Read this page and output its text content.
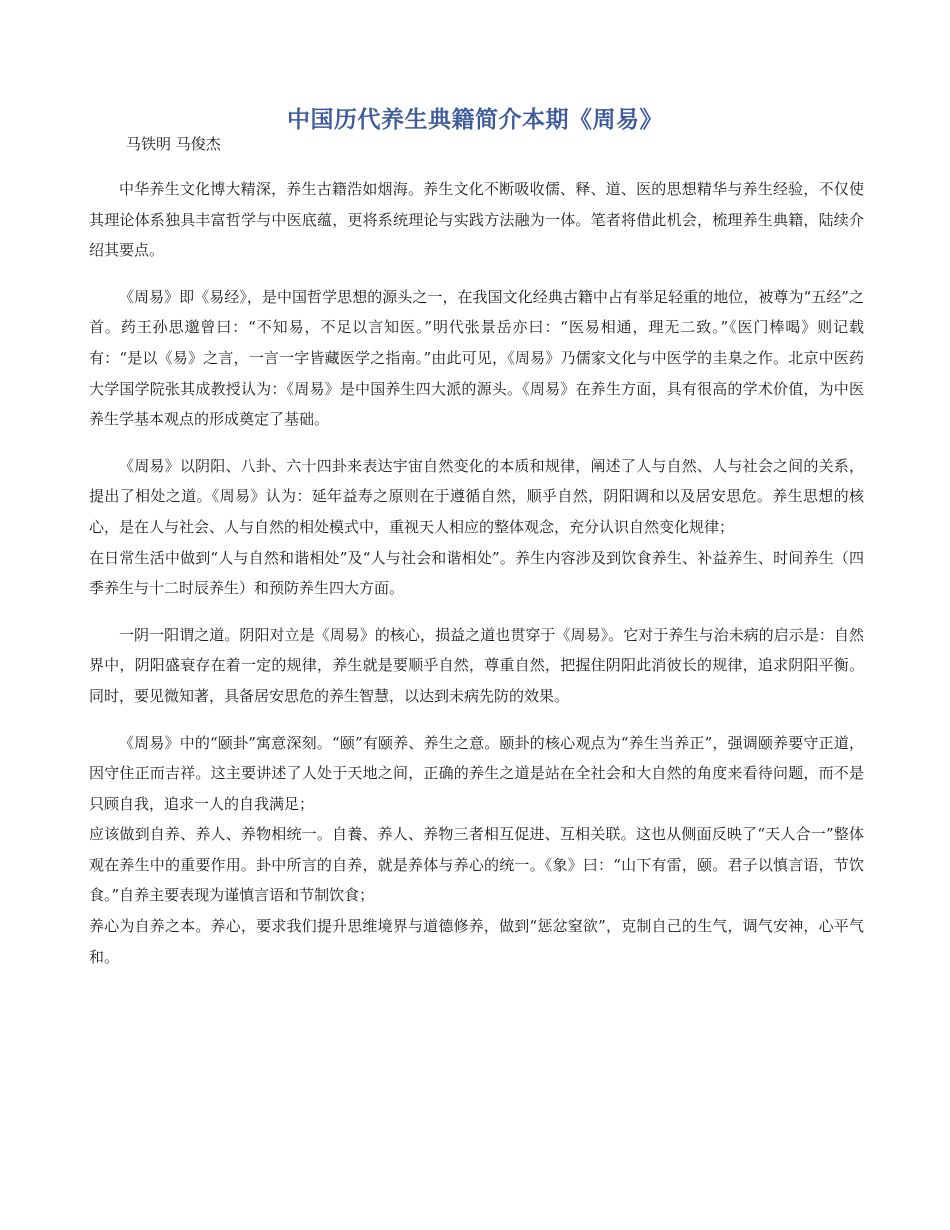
中国历代养生典籍简介本期《周易》

马铁明 马俊杰

中华养生文化博大精深，养生古籍浩如烟海。养生文化不断吸收儒、释、道、医的思想精华与养生经验，不仅使其理论体系独具丰富哲学与中医底蕴，更将系统理论与实践方法融为一体。笔者将借此机会，梳理养生典籍，陆续介绍其要点。

《周易》即《易经》，是中国哲学思想的源头之一，在我国文化经典古籍中占有举足轻重的地位，被尊为“五经”之首。药王孙思邈曾曰：“不知易，不足以言知医。”明代张景岳亦曰：“医易相通，理无二致。”《医门棒喝》则记载有：“是以《易》之言，一言一字皆藏医学之指南。”由此可见，《周易》乃儒家文化与中医学的圭臬之作。北京中医药大学国学院张其成教授认为：《周易》是中国养生四大派的源头。《周易》在养生方面，具有很高的学术价值，为中医养生学基本观点的形成奠定了基础。

《周易》以阴阳、八卦、六十四卦来表达宇宙自然变化的本质和规律，阐述了人与自然、人与社会之间的关系，提出了相处之道。《周易》认为：延年益寿之原则在于遵循自然，顺乎自然，阴阳调和以及居安思危。养生思想的核心，是在人与社会、人与自然的相处模式中，重视天人相应的整体观念，充分认识自然变化规律；

在日常生活中做到“人与自然和谐相处”及“人与社会和谐相处”。养生内容涉及到饮食养生、补益养生、时间养生（四季养生与十二时辰养生）和预防养生四大方面。

一阴一阳谓之道。阴阳对立是《周易》的核心，损益之道也贯穿于《周易》。它对于养生与治未病的启示是：自然界中，阴阳盛衰存在着一定的规律，养生就是要顺乎自然，尊重自然，把握住阴阳此消彼长的规律，追求阴阳平衡。同时，要见微知著，具备居安思危的养生智慧，以达到未病先防的效果。

《周易》中的“颐卦”寓意深刻。“颐”有颐养、养生之意。颐卦的核心观点为“养生当养正”，强调颐养要守正道，因守住正而吉祥。这主要讲述了人处于天地之间，正确的养生之道是站在全社会和大自然的角度来看待问题，而不是只顾自我，追求一人的自我满足；

应该做到自养、养人、养物相统一。自養、养人、养物三者相互促进、互相关联。这也从侧面反映了“天人合一”整体观在养生中的重要作用。卦中所言的自养，就是养体与养心的统一。《象》曰：“山下有雷，颐。君子以慎言语，节饮食。”自养主要表现为谨慎言语和节制饮食；

养心为自养之本。养心，要求我们提升思维境界与道德修养，做到“惩忿窒欲”，克制自己的生气，调气安神，心平气和。
